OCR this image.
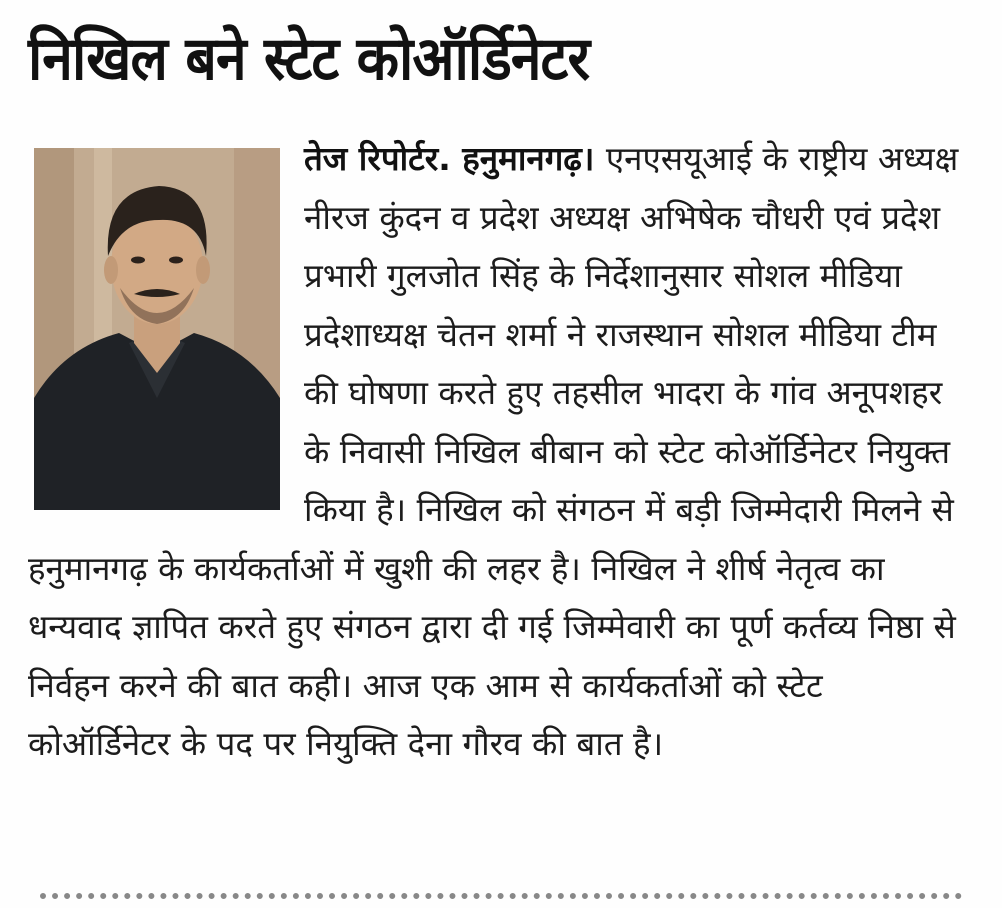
निखिल बने स्टेट कोऑर्डिनेटर
तेज रिपोर्टर. हनुमानगढ़। एनएसयूआई के राष्ट्रीय अध्यक्ष नीरज कुंदन व प्रदेश अध्यक्ष अभिषेक चौधरी एवं प्रदेश प्रभारी गुलजोत सिंह के निर्देशानुसार सोशल मीडिया प्रदेशाध्यक्ष चेतन शर्मा ने राजस्थान सोशल मीडिया टीम की घोषणा करते हुए तहसील भादरा के गांव अनूपशहर के निवासी निखिल बीबान को स्टेट कोऑर्डिनेटर नियुक्त किया है। निखिल को संगठन में बड़ी जिम्मेदारी मिलने से हनुमानगढ़ के कार्यकर्ताओं में खुशी की लहर है। निखिल ने शीर्ष नेतृत्व का धन्यवाद ज्ञापित करते हुए संगठन द्वारा दी गई जिम्मेवारी का पूर्ण कर्तव्य निष्ठा से निर्वहन करने की बात कही। आज एक आम से कार्यकर्ताओं को स्टेट कोऑर्डिनेटर के पद पर नियुक्ति देना गौरव की बात है।
